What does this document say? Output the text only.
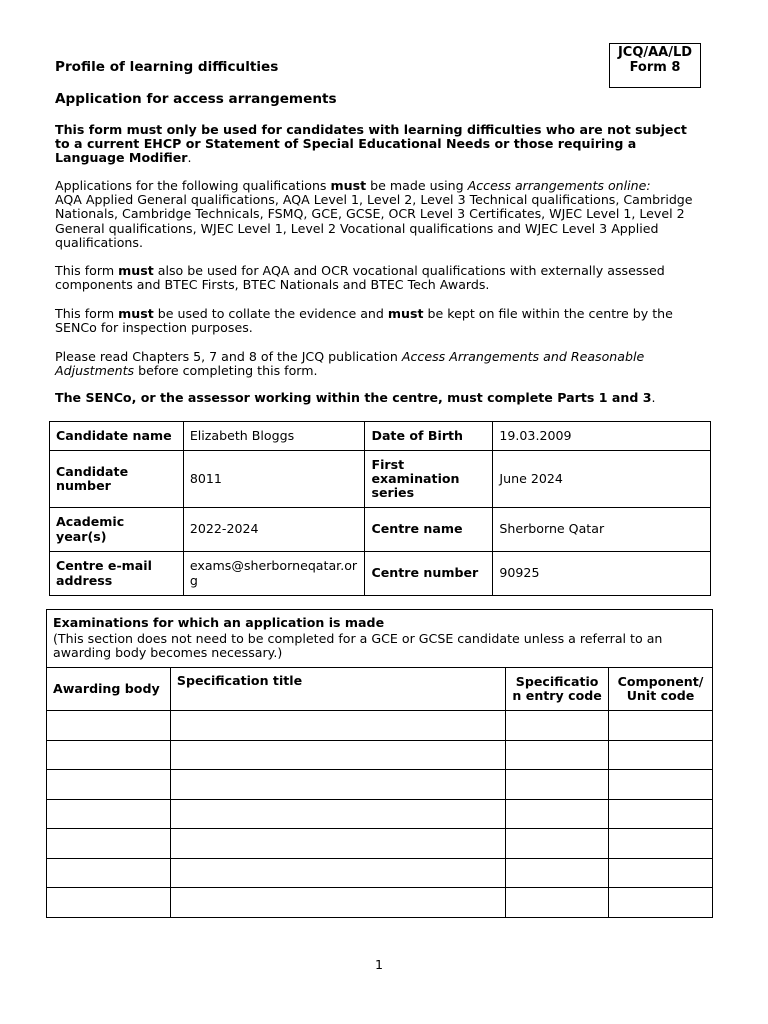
JCQ/AA/LD
Form 8
Profile of learning difficulties
Application for access arrangements

This form must only be used for candidates with learning difficulties who are not subject to a current EHCP or Statement of Special Educational Needs or those requiring a Language Modifier.

Applications for the following qualifications must be made using Access arrangements online:
AQA Applied General qualifications, AQA Level 1, Level 2, Level 3 Technical qualifications, Cambridge Nationals, Cambridge Technicals, FSMQ, GCE, GCSE, OCR Level 3 Certificates, WJEC Level 1, Level 2 General qualifications, WJEC Level 1, Level 2 Vocational qualifications and WJEC Level 3 Applied qualifications.

This form must also be used for AQA and OCR vocational qualifications with externally assessed components and BTEC Firsts, BTEC Nationals and BTEC Tech Awards.

This form must be used to collate the evidence and must be kept on file within the centre by the SENCo for inspection purposes.

Please read Chapters 5, 7 and 8 of the JCQ publication Access Arrangements and Reasonable Adjustments before completing this form.

The SENCo, or the assessor working within the centre, must complete Parts 1 and 3.

Candidate name	Elizabeth Bloggs	Date of Birth	19.03.2009
Candidate number	8011	First examination series	June 2024
Academic year(s)	2022-2024	Centre name	Sherborne Qatar
Centre e-mail address	exams@sherborneqatar.org	Centre number	90925
Examinations for which an application is made
(This section does not need to be completed for a GCE or GCSE candidate unless a referral to an awarding body becomes necessary.)			

Awarding body	Specification title	Specificatio n entry code	Component/ Unit code

1
